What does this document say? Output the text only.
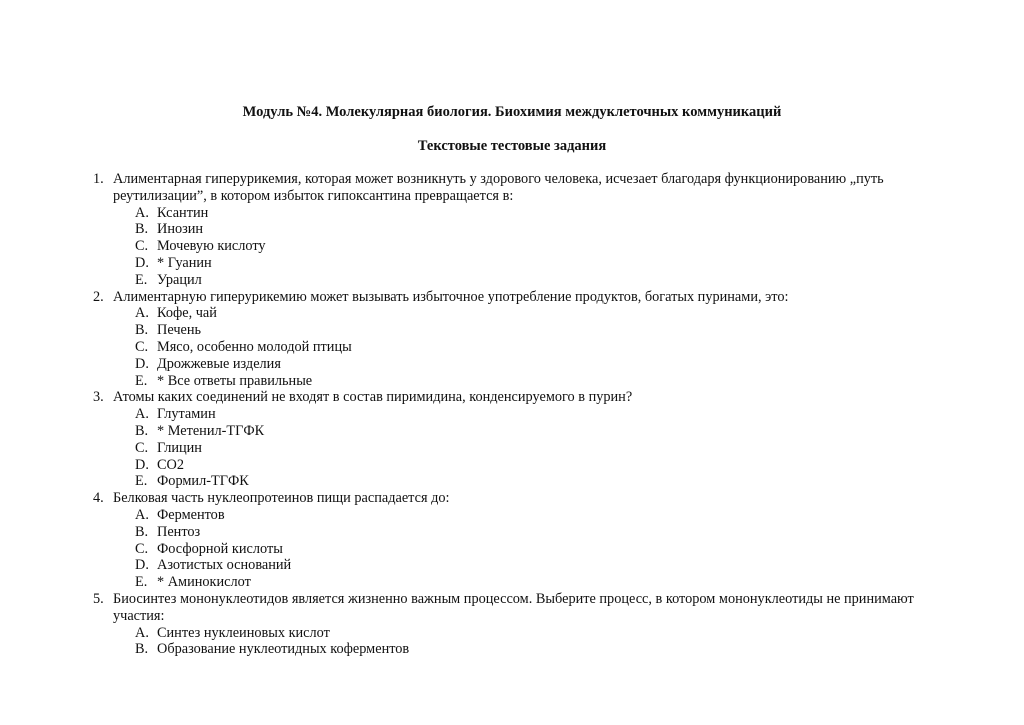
Модуль №4. Молекулярная биология. Биохимия междуклеточных коммуникаций
Текстовые тестовые задания
1. Алиментарная гиперурикемия, которая может возникнуть у здорового человека, исчезает благодаря функционированию „путь реутилизации”, в котором избыток гипоксантина превращается в:
A. Ксантин
B. Инозин
C. Мочевую кислоту
D. * Гуанин
E. Урацил
2. Алиментарную гиперурикемию может вызывать избыточное употребление продуктов, богатых пуринами, это:
A. Кофе, чай
B. Печень
C. Мясо, особенно молодой птицы
D. Дрожжевые изделия
E. * Все ответы правильные
3. Атомы каких соединений не входят в состав пиримидина, конденсируемого в пурин?
A. Глутамин
B. * Метенил-ТГФК
C. Глицин
D. CO2
E. Формил-ТГФК
4. Белковая часть нуклеопротеинов пищи распадается до:
A. Ферментов
B. Пентоз
C. Фосфорной кислоты
D. Азотистых оснований
E. * Аминокислот
5. Биосинтез мононуклеотидов является жизненно важным процессом. Выберите процесс, в котором мононуклеотиды не принимают участия:
A. Синтез нуклеиновых кислот
B. Образование нуклеотидных коферментов
